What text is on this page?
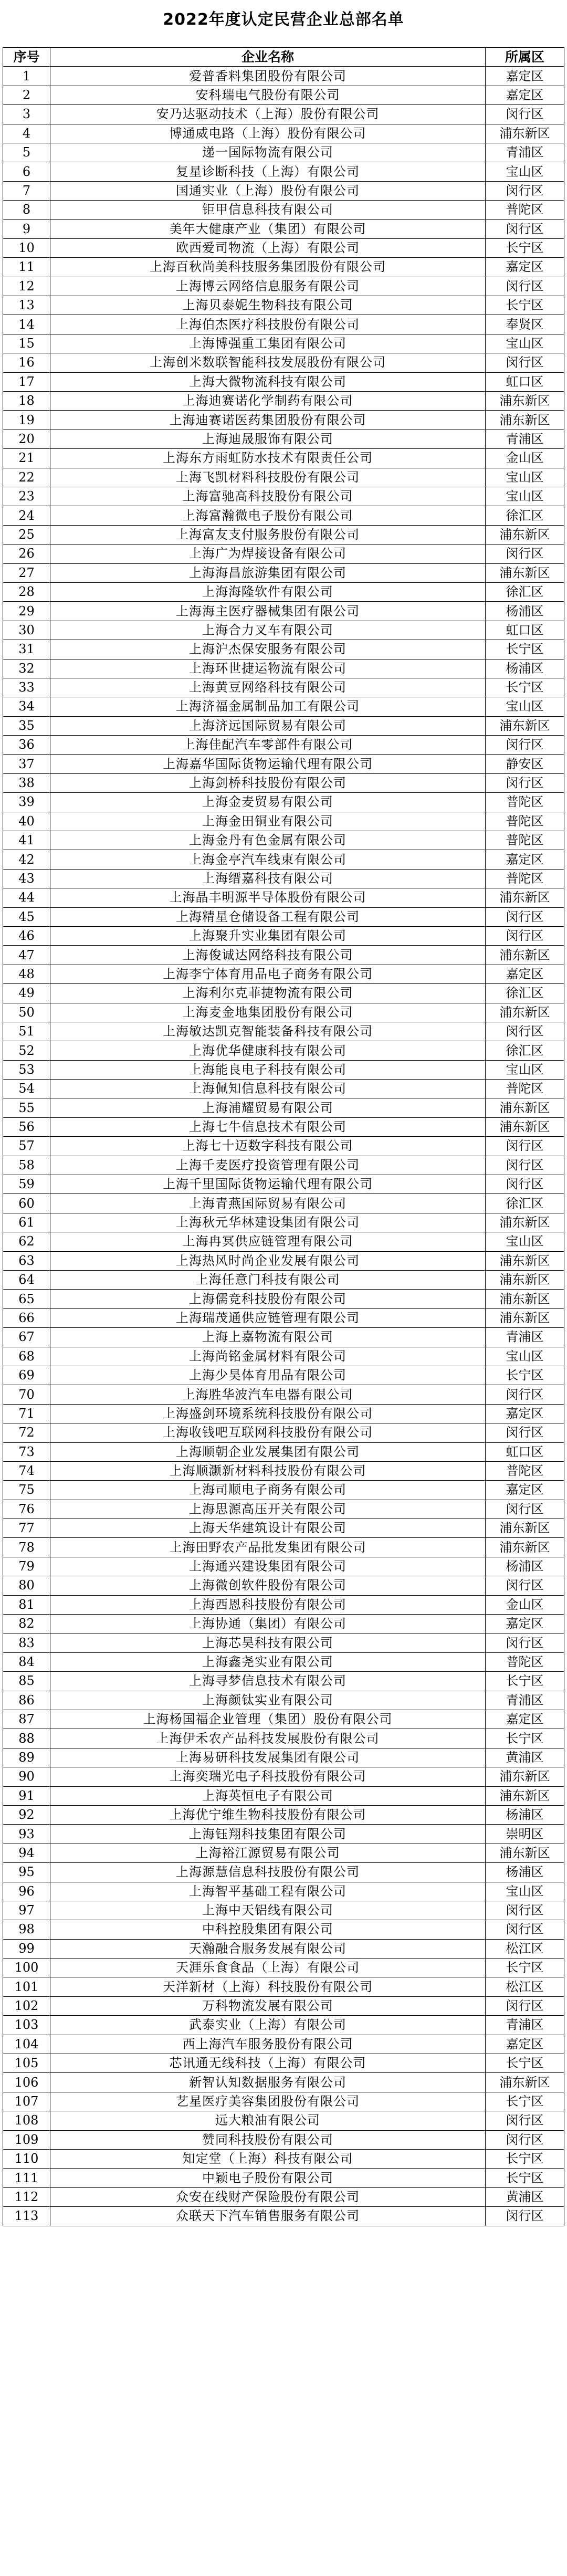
2022年度认定民营企业总部名单
序号	企业名称	所属区
1	爱普香料集团股份有限公司	嘉定区
2	安科瑞电气股份有限公司	嘉定区
3	安乃达驱动技术（上海）股份有限公司	闵行区
4	博通威电路（上海）股份有限公司	浦东新区
5	递一国际物流有限公司	青浦区
6	复星诊断科技（上海）有限公司	宝山区
7	国通实业（上海）股份有限公司	闵行区
8	钜甲信息科技有限公司	普陀区
9	美年大健康产业（集团）有限公司	闵行区
10	欧西爱司物流（上海）有限公司	长宁区
11	上海百秋尚美科技服务集团股份有限公司	嘉定区
12	上海博云网络信息服务有限公司	闵行区
13	上海贝泰妮生物科技有限公司	长宁区
14	上海伯杰医疗科技股份有限公司	奉贤区
15	上海博强重工集团有限公司	宝山区
16	上海创米数联智能科技发展股份有限公司	闵行区
17	上海大微物流科技有限公司	虹口区
18	上海迪赛诺化学制药有限公司	浦东新区
19	上海迪赛诺医药集团股份有限公司	浦东新区
20	上海迪晟服饰有限公司	青浦区
21	上海东方雨虹防水技术有限责任公司	金山区
22	上海飞凯材料科技股份有限公司	宝山区
23	上海富驰高科技股份有限公司	宝山区
24	上海富瀚微电子股份有限公司	徐汇区
25	上海富友支付服务股份有限公司	浦东新区
26	上海广为焊接设备有限公司	闵行区
27	上海海昌旅游集团有限公司	浦东新区
28	上海海隆软件有限公司	徐汇区
29	上海海主医疗器械集团有限公司	杨浦区
30	上海合力叉车有限公司	虹口区
31	上海沪杰保安服务有限公司	长宁区
32	上海环世捷运物流有限公司	杨浦区
33	上海黄豆网络科技有限公司	长宁区
34	上海济福金属制品加工有限公司	宝山区
35	上海济远国际贸易有限公司	浦东新区
36	上海佳配汽车零部件有限公司	闵行区
37	上海嘉华国际货物运输代理有限公司	静安区
38	上海剑桥科技股份有限公司	闵行区
39	上海金麦贸易有限公司	普陀区
40	上海金田铜业有限公司	普陀区
41	上海金丹有色金属有限公司	普陀区
42	上海金亭汽车线束有限公司	嘉定区
43	上海缙嘉科技有限公司	普陀区
44	上海晶丰明源半导体股份有限公司	浦东新区
45	上海精星仓储设备工程有限公司	闵行区
46	上海聚升实业集团有限公司	闵行区
47	上海俊诚达网络科技有限公司	浦东新区
48	上海李宁体育用品电子商务有限公司	嘉定区
49	上海利尔克菲捷物流有限公司	徐汇区
50	上海麦金地集团股份有限公司	浦东新区
51	上海敏达凯克智能装备科技有限公司	闵行区
52	上海优华健康科技有限公司	徐汇区
53	上海能良电子科技有限公司	宝山区
54	上海佩知信息科技有限公司	普陀区
55	上海浦耀贸易有限公司	浦东新区
56	上海七牛信息技术有限公司	浦东新区
57	上海七十迈数字科技有限公司	闵行区
58	上海千麦医疗投资管理有限公司	闵行区
59	上海千里国际货物运输代理有限公司	闵行区
60	上海青燕国际贸易有限公司	徐汇区
61	上海秋元华林建设集团有限公司	浦东新区
62	上海冉冥供应链管理有限公司	宝山区
63	上海热风时尚企业发展有限公司	浦东新区
64	上海任意门科技有限公司	浦东新区
65	上海儒竞科技股份有限公司	浦东新区
66	上海瑞茂通供应链管理有限公司	浦东新区
67	上海上嘉物流有限公司	青浦区
68	上海尚铭金属材料有限公司	宝山区
69	上海少昊体育用品有限公司	长宁区
70	上海胜华波汽车电器有限公司	闵行区
71	上海盛剑环境系统科技股份有限公司	嘉定区
72	上海收钱吧互联网科技股份有限公司	闵行区
73	上海顺朝企业发展集团有限公司	虹口区
74	上海顺灏新材料科技股份有限公司	普陀区
75	上海司顺电子商务有限公司	嘉定区
76	上海思源高压开关有限公司	闵行区
77	上海天华建筑设计有限公司	浦东新区
78	上海田野农产品批发集团有限公司	浦东新区
79	上海通兴建设集团有限公司	杨浦区
80	上海微创软件股份有限公司	闵行区
81	上海西恩科技股份有限公司	金山区
82	上海协通（集团）有限公司	嘉定区
83	上海芯昊科技有限公司	闵行区
84	上海鑫尧实业有限公司	普陀区
85	上海寻梦信息技术有限公司	长宁区
86	上海颜钛实业有限公司	青浦区
87	上海杨国福企业管理（集团）股份有限公司	嘉定区
88	上海伊禾农产品科技发展股份有限公司	长宁区
89	上海易研科技发展集团有限公司	黄浦区
90	上海奕瑞光电子科技股份有限公司	浦东新区
91	上海英恒电子有限公司	浦东新区
92	上海优宁维生物科技股份有限公司	杨浦区
93	上海钰翔科技集团有限公司	崇明区
94	上海裕江源贸易有限公司	浦东新区
95	上海源慧信息科技股份有限公司	杨浦区
96	上海智平基础工程有限公司	宝山区
97	上海中天铝线有限公司	闵行区
98	中科控股集团有限公司	闵行区
99	天瀚融合服务发展有限公司	松江区
100	天涯乐食食品（上海）有限公司	长宁区
101	天洋新材（上海）科技股份有限公司	松江区
102	万科物流发展有限公司	闵行区
103	武泰实业（上海）有限公司	青浦区
104	西上海汽车服务股份有限公司	嘉定区
105	芯讯通无线科技（上海）有限公司	长宁区
106	新智认知数据服务有限公司	浦东新区
107	艺星医疗美容集团股份有限公司	长宁区
108	远大粮油有限公司	闵行区
109	赞同科技股份有限公司	闵行区
110	知定堂（上海）科技有限公司	长宁区
111	中颖电子股份有限公司	长宁区
112	众安在线财产保险股份有限公司	黄浦区
113	众联天下汽车销售服务有限公司	闵行区
